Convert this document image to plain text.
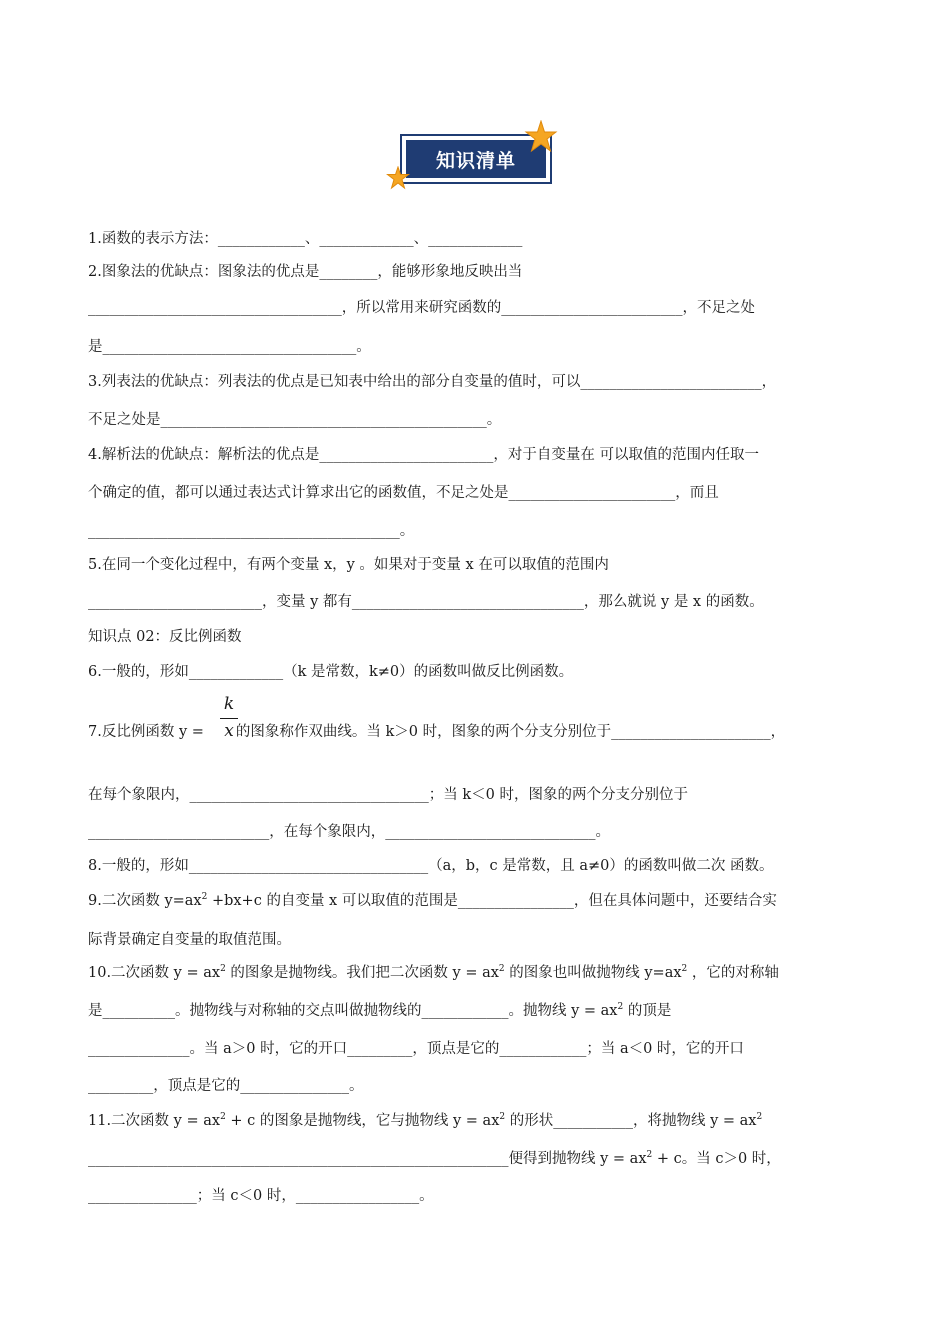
知识清单
1.函数的表示方法：____________、_____________、_____________
2.图象法的优缺点：图象法的优点是________，能够形象地反映出当
___________________________________，所以常用来研究函数的_________________________，不足之处
是___________________________________。
3.列表法的优缺点：列表法的优点是已知表中给出的部分自变量的值时，可以_________________________，
不足之处是_____________________________________________。
4.解析法的优缺点：解析法的优点是________________________，对于自变量在 可以取值的范围内任取一
个确定的值，都可以通过表达式计算求出它的函数值，不足之处是_______________________，而且
___________________________________________。
5.在同一个变化过程中，有两个变量 x，y 。如果对于变量 x 在可以取值的范围内
________________________，变量 y 都有________________________________，那么就说 y 是 x 的函数。
知识点 02：反比例函数
6.一般的，形如_____________（k 是常数，k≠0）的函数叫做反比例函数。
7.反比例函数 y = 的图象称作双曲线。当 k＞0 时，图象的两个分支分别位于______________________，
k
x
在每个象限内，_________________________________；当 k＜0 时，图象的两个分支分别位于
_________________________，在每个象限内，_____________________________。
8.一般的，形如_________________________________（a，b，c 是常数，且 a≠0）的函数叫做二次 函数。
9.二次函数 $y=ax^2 +bx+c$ 的自变量 x 可以取值的范围是________________，但在具体问题中，还要结合实
际背景确定自变量的取值范围。
10.二次函数 $y = ax^2$ 的图象是抛物线。我们把二次函数 $y = ax^2$ 的图象也叫做抛物线 $y=ax^2$ ，它的对称轴
是__________。抛物线与对称轴的交点叫做抛物线的____________。抛物线 $y = ax^2$ 的顶是
______________。当 a＞0 时，它的开口_________，顶点是它的____________；当 a＜0 时，它的开口
_________，顶点是它的_______________。
11.二次函数 $y = ax^2 + c$ 的图象是抛物线，它与抛物线 $y = ax^2$ 的形状___________，将抛物线 $y = ax^2$
__________________________________________________________便得到抛物线 $y = ax^2 + c$。当 c＞0 时，
_______________；当 c＜0 时，_________________。
